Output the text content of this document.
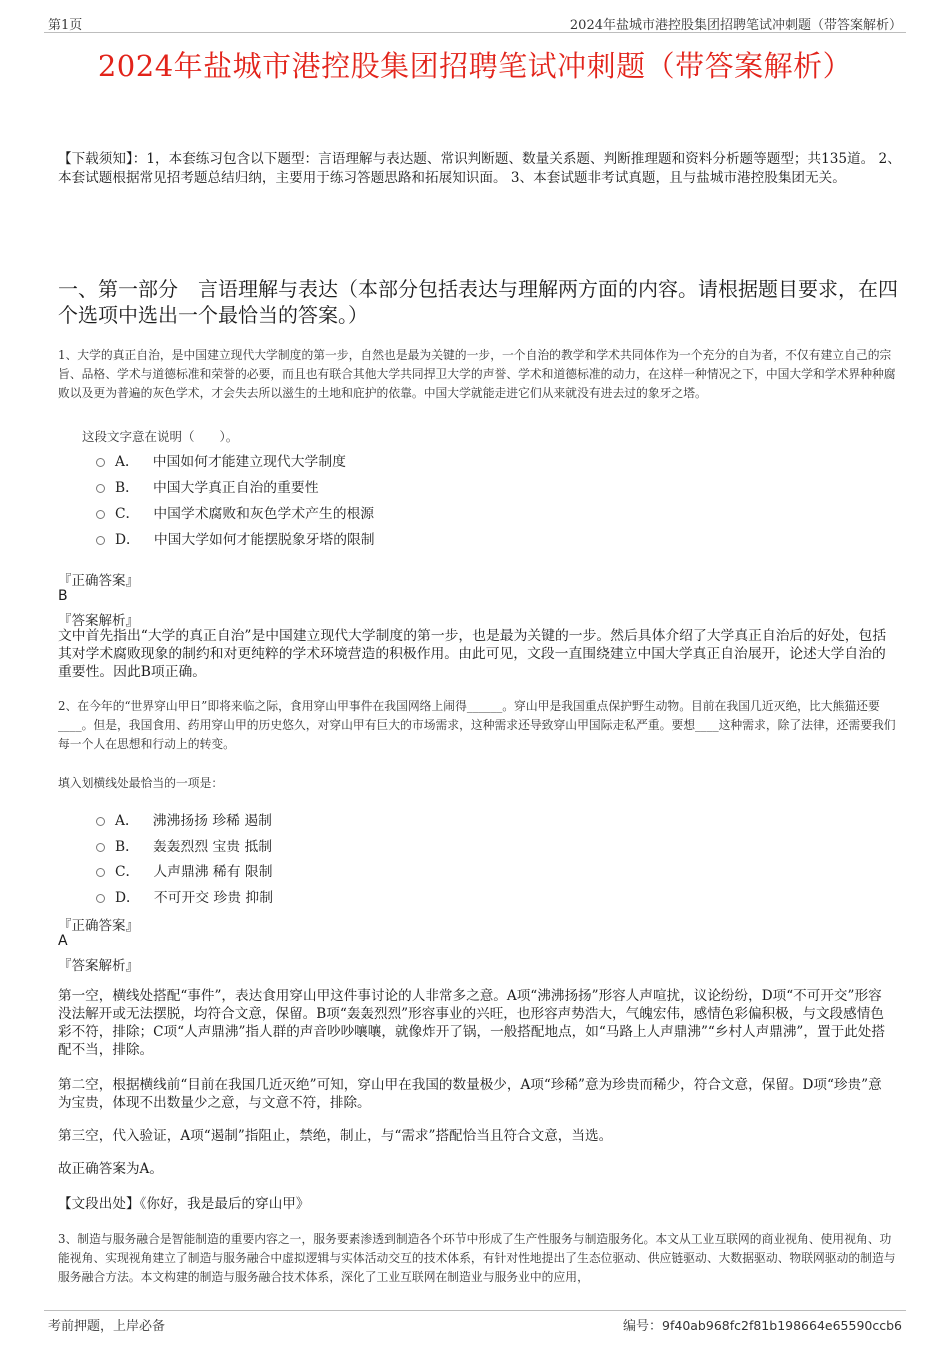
第1页	2024年盐城市港控股集团招聘笔试冲刺题（带答案解析）
2024年盐城市港控股集团招聘笔试冲刺题（带答案解析）
【下载须知】：1，本套练习包含以下题型：言语理解与表达题、常识判断题、数量关系题、判断推理题和资料分析题等题型；共135道。 2、本套试题根据常见招考题总结归纳，主要用于练习答题思路和拓展知识面。 3、本套试题非考试真题，且与盐城市港控股集团无关。
一、第一部分　言语理解与表达（本部分包括表达与理解两方面的内容。请根据题目要求，在四个选项中选出一个最恰当的答案。）
1、大学的真正自治，是中国建立现代大学制度的第一步，自然也是最为关键的一步，一个自治的教学和学术共同体作为一个充分的自为者，不仅有建立自己的宗旨、品格、学术与道德标准和荣誉的必要，而且也有联合其他大学共同捍卫大学的声誉、学术和道德标准的动力，在这样一种情况之下，中国大学和学术界种种腐败以及更为普遍的灰色学术，才会失去所以滋生的土地和庇护的依靠。中国大学就能走进它们从来就没有进去过的象牙之塔。
这段文字意在说明（　　）。
A． 中国如何才能建立现代大学制度
B． 中国大学真正自治的重要性
C． 中国学术腐败和灰色学术产生的根源
D． 中国大学如何才能摆脱象牙塔的限制
『正确答案』
B
『答案解析』
文中首先指出“大学的真正自治”是中国建立现代大学制度的第一步，也是最为关键的一步。然后具体介绍了大学真正自治后的好处，包括其对学术腐败现象的制约和对更纯粹的学术环境营造的积极作用。由此可见，文段一直围绕建立中国大学真正自治展开，论述大学自治的重要性。因此B项正确。
2、在今年的“世界穿山甲日”即将来临之际，食用穿山甲事件在我国网络上闹得______。穿山甲是我国重点保护野生动物。目前在我国几近灭绝，比大熊猫还要____。但是，我国食用、药用穿山甲的历史悠久，对穿山甲有巨大的市场需求，这种需求还导致穿山甲国际走私严重。要想____这种需求，除了法律，还需要我们每一个人在思想和行动上的转变。
填入划横线处最恰当的一项是：
A． 沸沸扬扬 珍稀 遏制
B． 轰轰烈烈 宝贵 抵制
C． 人声鼎沸 稀有 限制
D． 不可开交 珍贵 抑制
『正确答案』
A
『答案解析』
第一空，横线处搭配“事件”，表达食用穿山甲这件事讨论的人非常多之意。A项“沸沸扬扬”形容人声喧扰，议论纷纷，D项“不可开交”形容没法解开或无法摆脱，均符合文意，保留。B项“轰轰烈烈”形容事业的兴旺，也形容声势浩大，气魄宏伟，感情色彩偏积极，与文段感情色彩不符，排除；C项“人声鼎沸”指人群的声音吵吵嚷嚷，就像炸开了锅，一般搭配地点，如“马路上人声鼎沸”“乡村人声鼎沸”，置于此处搭配不当，排除。
第二空，根据横线前“目前在我国几近灭绝”可知，穿山甲在我国的数量极少，A项“珍稀”意为珍贵而稀少，符合文意，保留。D项“珍贵”意为宝贵，体现不出数量少之意，与文意不符，排除。
第三空，代入验证，A项“遏制”指阻止，禁绝，制止，与“需求”搭配恰当且符合文意，当选。
故正确答案为A。
【文段出处】《你好，我是最后的穿山甲》
3、制造与服务融合是智能制造的重要内容之一，服务要素渗透到制造各个环节中形成了生产性服务与制造服务化。本文从工业互联网的商业视角、使用视角、功能视角、实现视角建立了制造与服务融合中虚拟逻辑与实体活动交互的技术体系，有针对性地提出了生态位驱动、供应链驱动、大数据驱动、物联网驱动的制造与服务融合方法。本文构建的制造与服务融合技术体系，深化了工业互联网在制造业与服务业中的应用，
考前押题，上岸必备	编号：9f40ab968fc2f81b198664e65590ccb6
